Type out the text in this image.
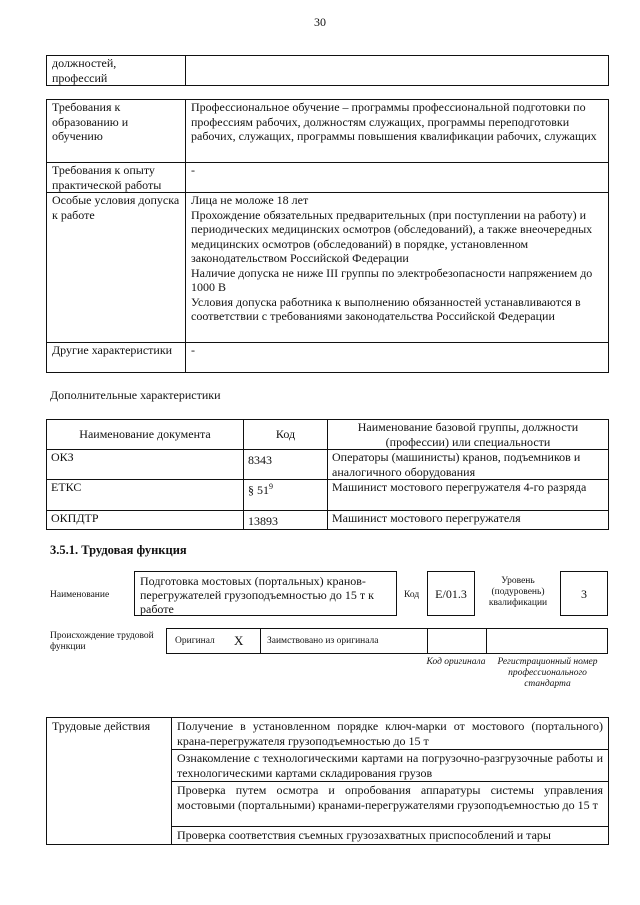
30
должностей,
профессий	
Требования к образованию и обучению	Профессиональное обучение – программы профессиональной подготовки по профессиям рабочих, должностям служащих, программы переподготовки рабочих, служащих, программы повышения квалификации рабочих, служащих
Требования к опыту практической работы	-
Особые условия допуска к работе	Лица не моложе 18 лет
Прохождение обязательных предварительных (при поступлении на работу) и периодических медицинских осмотров (обследований), а также внеочередных медицинских осмотров (обследований) в порядке, установленном законодательством Российской Федерации
Наличие допуска не ниже III группы по электробезопасности напряжением до 1000 В
Условия допуска работника к выполнению обязанностей устанавливаются в соответствии с требованиями законодательства Российской Федерации

Другие характеристики	-
Дополнительные характеристики
Наименование документа	Код	Наименование базовой группы, должности (профессии) или специальности
ОКЗ	8343	Операторы (машинисты) кранов, подъемников и аналогичного оборудования
ЕТКС	§ $51^9$	Машинист мостового перегружателя 4-го разряда
ОКПДТР	13893	Машинист мостового перегружателя
3.5.1. Трудовая функция
Наименование
Подготовка мостовых (портальных) кранов-перегружателей грузоподъемностью до 15 т к работе
Код	Е/01.3
Уровень (подуровень) квалификации
3
Происхождение трудовой функции
Оригинал X Заимствовано из оригинала
Код оригинала	Регистрационный номер профессионального стандарта
Трудовые действия	Получение в установленном порядке ключ-марки от мостового (портального) крана-перегружателя грузоподъемностью до 15 т
Ознакомление с технологическими картами на погрузочно-разгрузочные работы и технологическими картами складирования грузов
Проверка путем осмотра и опробования аппаратуры системы управления мостовыми (портальными) кранами-перегружателями грузоподъемностью до 15 т
Проверка соответствия съемных грузозахватных приспособлений и тары
